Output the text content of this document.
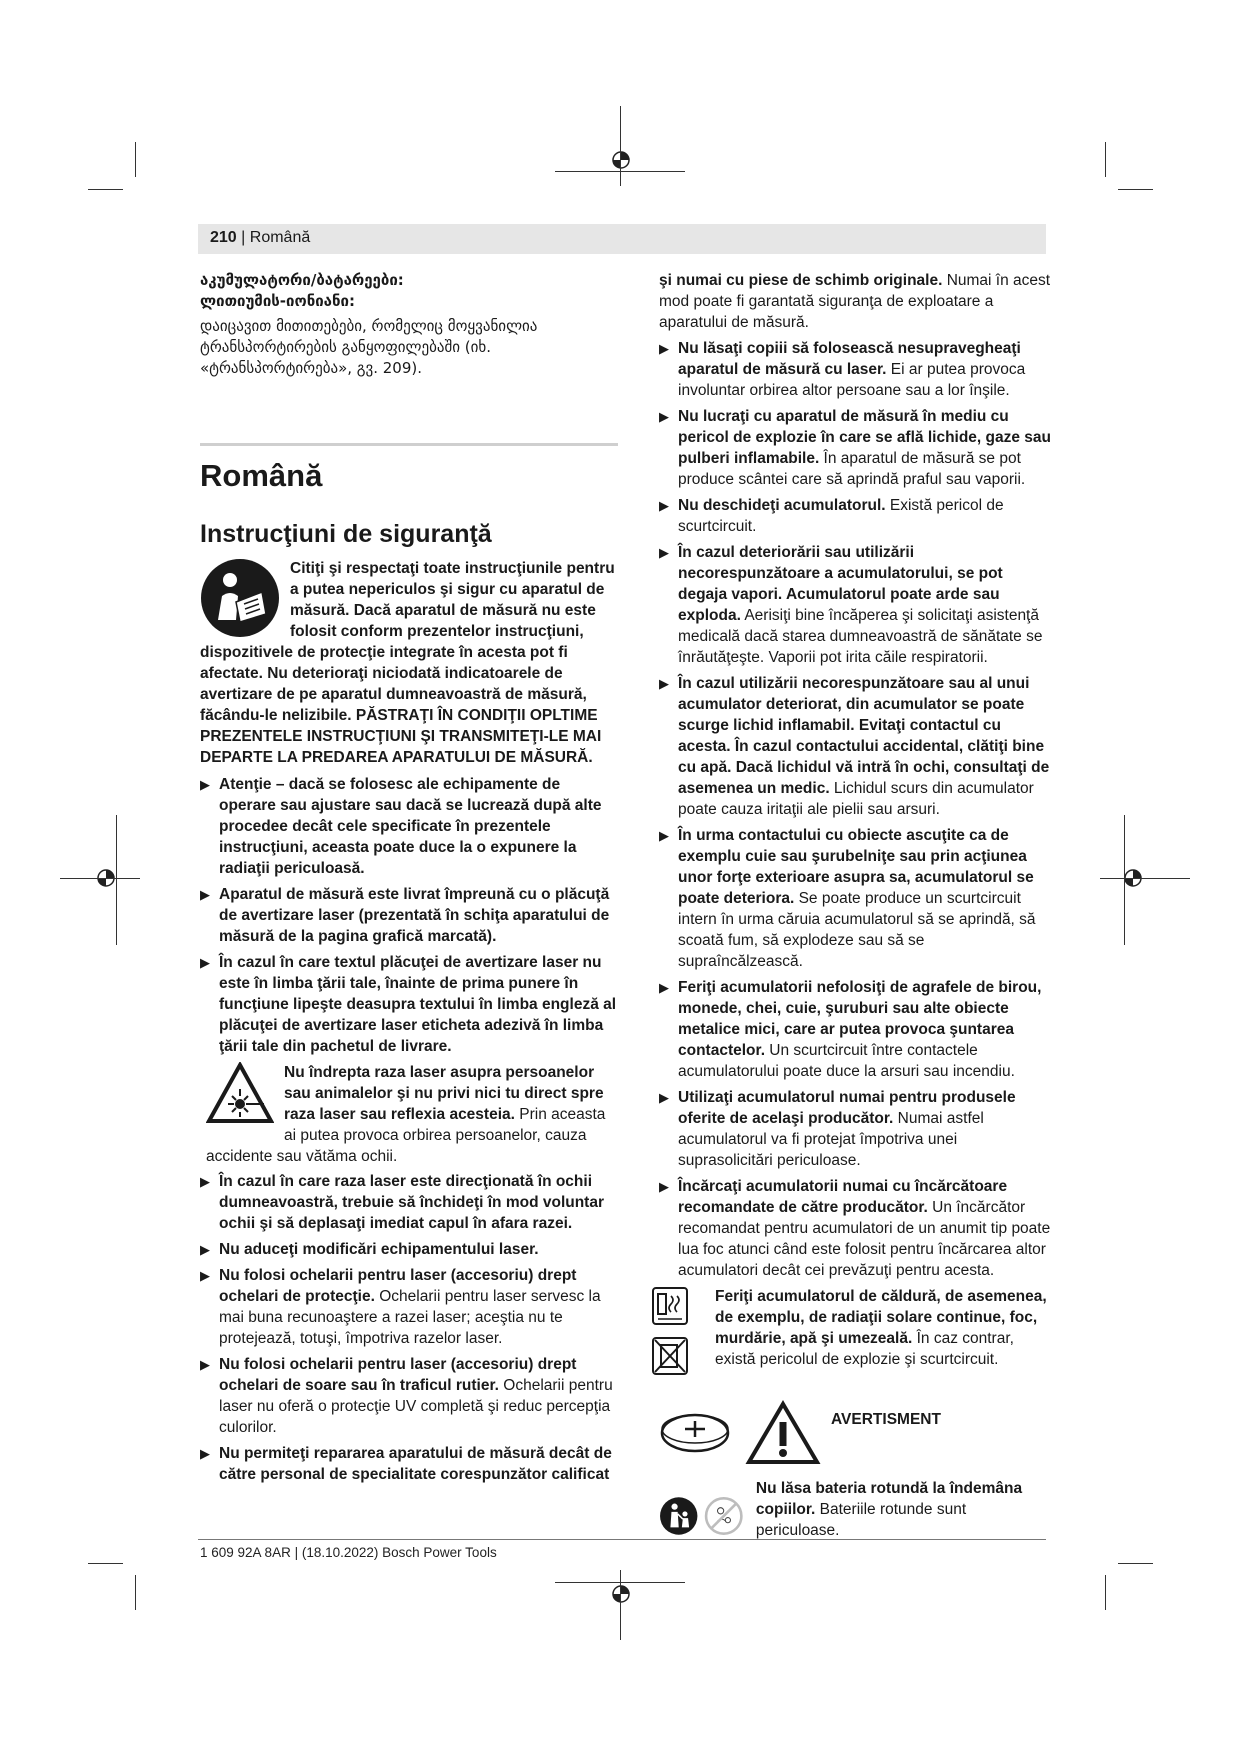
210 | Română

აკუმულატორი/ბატარეები:

ლითიუმის-იონიანი:

დაიცავით მითითებები, რომელიც მოყვანილია ტრანსპორტირების განყოფილებაში (იხ. «ტრანსპორტირება», გვ. 209).

Română
Instrucţiuni de siguranţă

Citiţi şi respectaţi toate instrucţiunile pentru a putea nepericulos şi sigur cu aparatul de măsură. Dacă aparatul de măsură nu este folosit conform prezentelor instrucţiuni, dispozitivele de protecţie integrate în acesta pot fi afectate. Nu deterioraţi niciodată indicatoarele de avertizare de pe aparatul dumneavoastră de măsură, făcându-le nelizibile. PĂSTRAŢI ÎN CONDIŢII OPLTIME PREZENTELE INSTRUCŢIUNI ŞI TRANSMITEŢI-LE MAI DEPARTE LA PREDAREA APARATULUI DE MĂSURĂ.

▶ Atenţie – dacă se folosesc ale echipamente de operare sau ajustare sau dacă se lucrează după alte procedee decât cele specificate în prezentele instrucţiuni, aceasta poate duce la o expunere la radiaţii periculoasă.
▶ Aparatul de măsură este livrat împreună cu o plăcuţă de avertizare laser (prezentată în schiţa aparatului de măsură de la pagina grafică marcată).
▶ În cazul în care textul plăcuţei de avertizare laser nu este în limba ţării tale, înainte de prima punere în funcţiune lipeşte deasupra textului în limba engleză al plăcuţei de avertizare laser eticheta adezivă în limba ţării tale din pachetul de livrare.

Nu îndrepta raza laser asupra persoanelor sau animalelor şi nu privi nici tu direct spre raza laser sau reflexia acesteia. Prin aceasta ai putea provoca orbirea persoanelor, cauza accidente sau vătăma ochii.

▶ În cazul în care raza laser este direcţionată în ochii dumneavoastră, trebuie să închideţi în mod voluntar ochii şi să deplasaţi imediat capul în afara razei.
▶ Nu aduceţi modificări echipamentului laser.
▶ Nu folosi ochelarii pentru laser (accesoriu) drept ochelari de protecţie. Ochelarii pentru laser servesc la mai buna recunoaştere a razei laser; aceştia nu te protejează, totuşi, împotriva razelor laser.
▶ Nu folosi ochelarii pentru laser (accesoriu) drept ochelari de soare sau în traficul rutier. Ochelarii pentru laser nu oferă o protecţie UV completă şi reduc percepţia culorilor.
▶ Nu permiteţi repararea aparatului de măsură decât de către personal de specialitate corespunzător calificat

şi numai cu piese de schimb originale. Numai în acest mod poate fi garantată siguranţa de exploatare a aparatului de măsură.

▶ Nu lăsaţi copiii să folosească nesupravegheaţi aparatul de măsură cu laser. Ei ar putea provoca involuntar orbirea altor persoane sau a lor înşile.
▶ Nu lucraţi cu aparatul de măsură în mediu cu pericol de explozie în care se află lichide, gaze sau pulberi inflamabile. În aparatul de măsură se pot produce scântei care să aprindă praful sau vaporii.
▶ Nu deschideţi acumulatorul. Există pericol de scurtcircuit.
▶ În cazul deteriorării sau utilizării necorespunzătoare a acumulatorului, se pot degaja vapori. Acumulatorul poate arde sau exploda. Aerisiţi bine încăperea şi solicitaţi asistenţă medicală dacă starea dumneavoastră de sănătate se înrăutăţeşte. Vaporii pot irita căile respiratorii.
▶ În cazul utilizării necorespunzătoare sau al unui acumulator deteriorat, din acumulator se poate scurge lichid inflamabil. Evitaţi contactul cu acesta. În cazul contactului accidental, clătiţi bine cu apă. Dacă lichidul vă intră în ochi, consultaţi de asemenea un medic. Lichidul scurs din acumulator poate cauza iritaţii ale pielii sau arsuri.
▶ În urma contactului cu obiecte ascuţite ca de exemplu cuie sau şurubelniţe sau prin acţiunea unor forţe exterioare asupra sa, acumulatorul se poate deteriora. Se poate produce un scurtcircuit intern în urma căruia acumulatorul să se aprindă, să scoată fum, să explodeze sau să se supraîncălzească.
▶ Feriţi acumulatorii nefolosiţi de agrafele de birou, monede, chei, cuie, şuruburi sau alte obiecte metalice mici, care ar putea provoca şuntarea contactelor. Un scurtcircuit între contactele acumulatorului poate duce la arsuri sau incendiu.
▶ Utilizaţi acumulatorul numai pentru produsele oferite de acelaşi producător. Numai astfel acumulatorul va fi protejat împotriva unei suprasolicitări periculoase.
▶ Încărcaţi acumulatorii numai cu încărcătoare recomandate de către producător. Un încărcător recomandat pentru acumulatori de un anumit tip poate lua foc atunci când este folosit pentru încărcarea altor acumulatori decât cei prevăzuţi pentru acesta.

Feriţi acumulatorul de căldură, de asemenea, de exemplu, de radiaţii solare continue, foc, murdărie, apă şi umezeală. În caz contrar, există pericolul de explozie şi scurtcircuit.

AVERTISMENT

Nu lăsa bateria rotundă la îndemâna copiilor. Bateriile rotunde sunt periculoase.

1 609 92A 8AR | (18.10.2022) Bosch Power Tools
